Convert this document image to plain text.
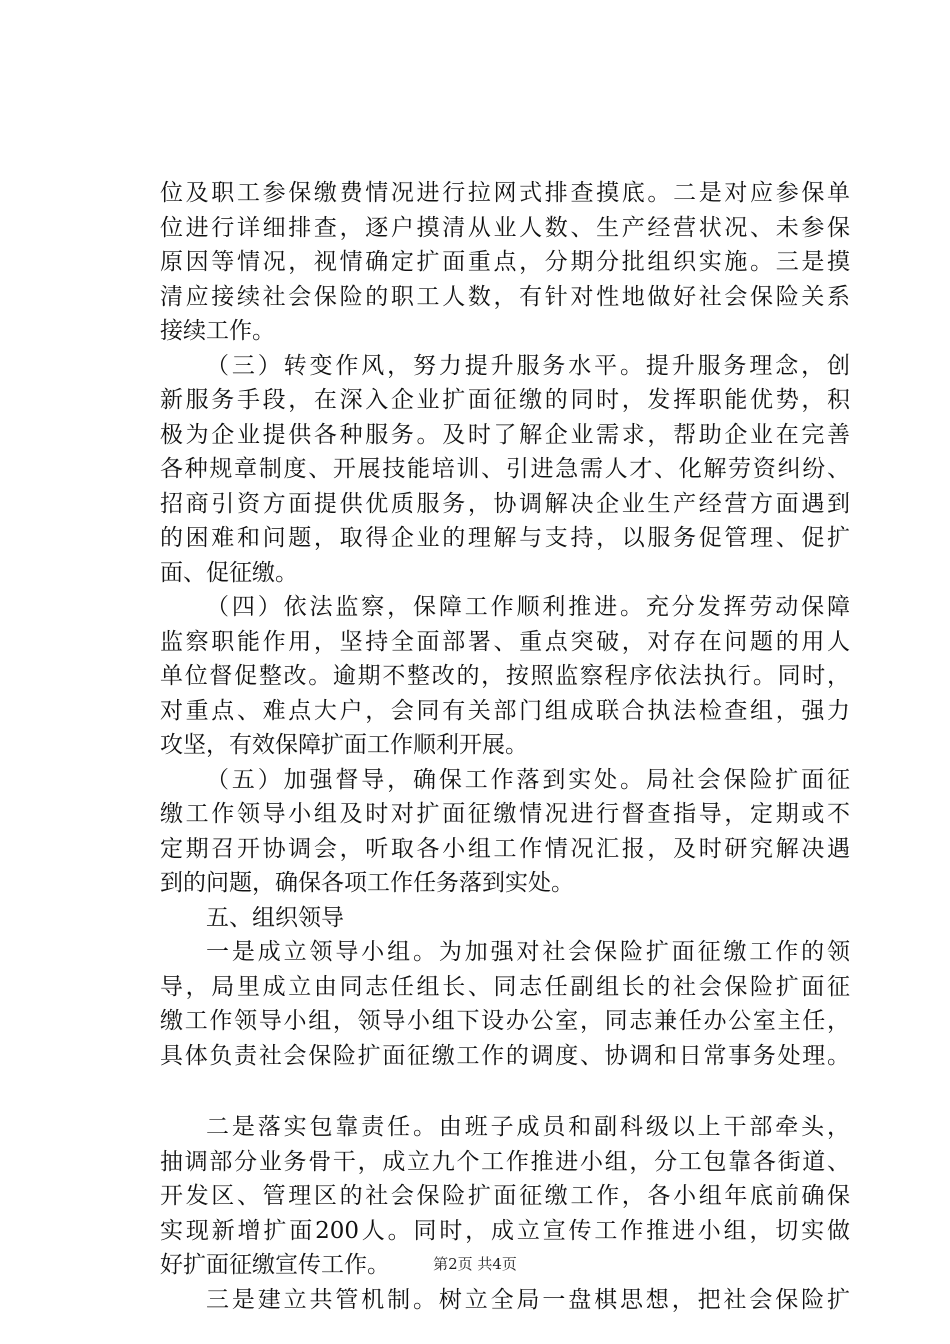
位及职工参保缴费情况进行拉网式排查摸底。二是对应参保单
位进行详细排查，逐户摸清从业人数、生产经营状况、未参保
原因等情况，视情确定扩面重点，分期分批组织实施。三是摸
清应接续社会保险的职工人数，有针对性地做好社会保险关系
接续工作。
（三）转变作风，努力提升服务水平。提升服务理念，创
新服务手段，在深入企业扩面征缴的同时，发挥职能优势，积
极为企业提供各种服务。及时了解企业需求，帮助企业在完善
各种规章制度、开展技能培训、引进急需人才、化解劳资纠纷、
招商引资方面提供优质服务，协调解决企业生产经营方面遇到
的困难和问题，取得企业的理解与支持，以服务促管理、促扩
面、促征缴。
（四）依法监察，保障工作顺利推进。充分发挥劳动保障
监察职能作用，坚持全面部署、重点突破，对存在问题的用人
单位督促整改。逾期不整改的，按照监察程序依法执行。同时，
对重点、难点大户，会同有关部门组成联合执法检查组，强力
攻坚，有效保障扩面工作顺利开展。
（五）加强督导，确保工作落到实处。局社会保险扩面征
缴工作领导小组及时对扩面征缴情况进行督查指导，定期或不
定期召开协调会，听取各小组工作情况汇报，及时研究解决遇
到的问题，确保各项工作任务落到实处。
五、组织领导
一是成立领导小组。为加强对社会保险扩面征缴工作的领
导，局里成立由同志任组长、同志任副组长的社会保险扩面征
缴工作领导小组，领导小组下设办公室，同志兼任办公室主任，
具体负责社会保险扩面征缴工作的调度、协调和日常事务处理。
二是落实包靠责任。由班子成员和副科级以上干部牵头，
抽调部分业务骨干，成立九个工作推进小组，分工包靠各街道、
开发区、管理区的社会保险扩面征缴工作，各小组年底前确保
实现新增扩面200人。同时，成立宣传工作推进小组，切实做
好扩面征缴宣传工作。
三是建立共管机制。树立全局一盘棋思想，把社会保险扩
第2页 共4页
